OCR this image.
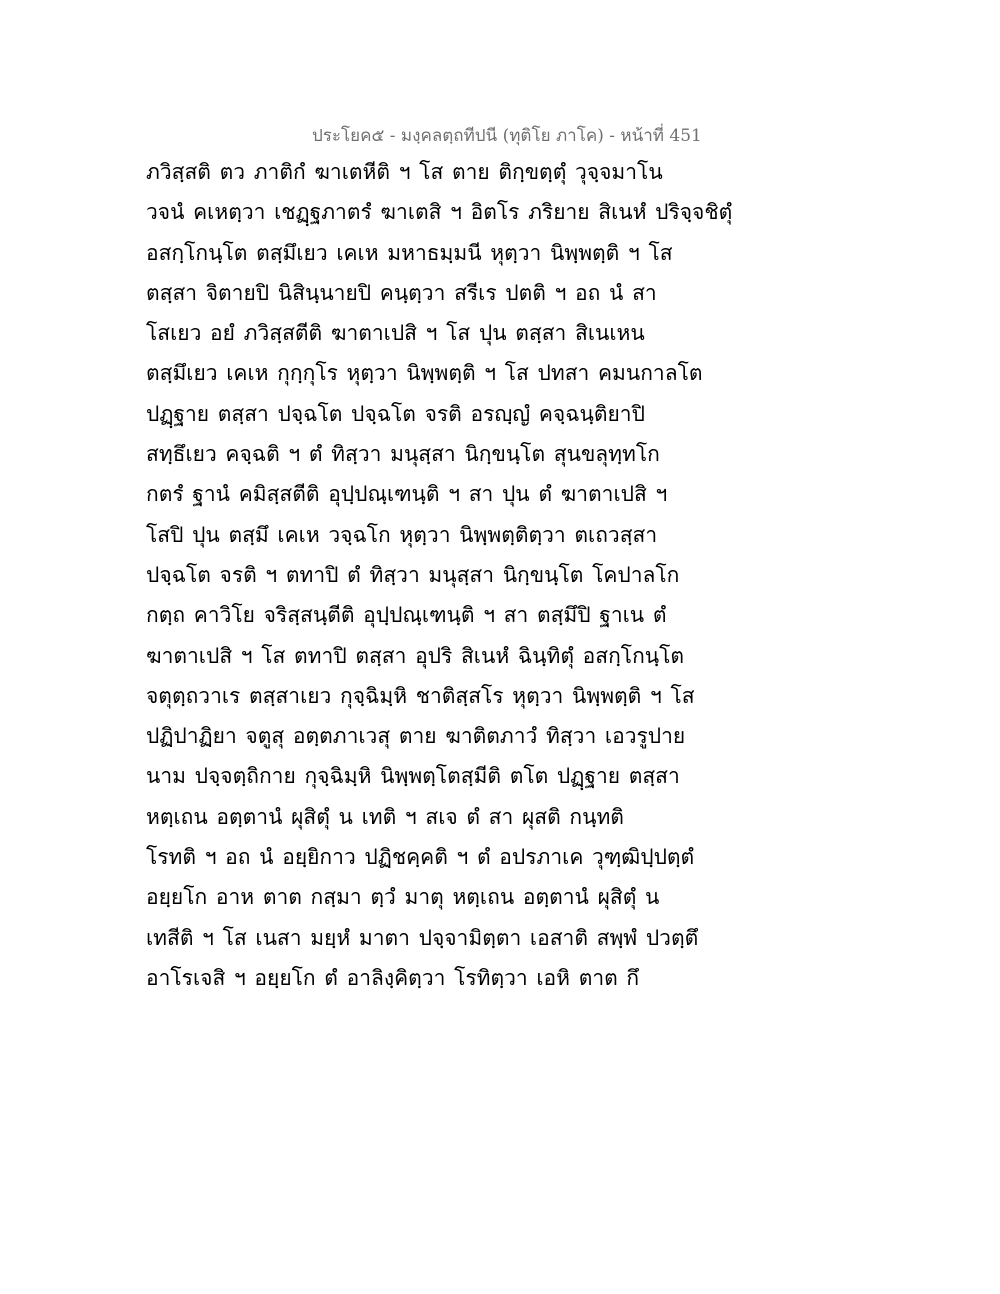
ประโยค๕ - มงฺคลตฺถทีปนี (ทุติโย ภาโค) - หน้าที่ 451
ภวิสฺสติ ตว ภาติกํ ฆาเตหีติ ฯ โส ตาย ติกฺขตฺตุํ วุจฺจมาโน
วจนํ คเหตฺวา เชฏฺฐภาตรํ ฆาเตสิ ฯ อิตโร ภริยาย สิเนหํ ปริจฺจชิตุํ
อสกฺโกนฺโต ตสฺมึเยว เคเห มหาธมฺมนี หุตฺวา นิพฺพตฺติ ฯ โส
ตสฺสา จิตายปิ นิสินฺนายปิ คนฺตฺวา สรีเร ปตติ ฯ อถ นํ สา
โสเยว อยํ ภวิสฺสตีติ ฆาตาเปสิ ฯ โส ปุน ตสฺสา สิเนเหน
ตสฺมึเยว เคเห กุกฺกุโร หุตฺวา นิพฺพตฺติ ฯ โส ปทสา คมนกาลโต
ปฏฺฐาย ตสฺสา ปจฺฉโต ปจฺฉโต จรติ อรญฺญํ คจฺฉนฺติยาปิ
สทฺธึเยว คจฺฉติ ฯ ตํ ทิสฺวา มนุสฺสา นิกฺขนฺโต สุนขลุทฺทโก
กตรํ ฐานํ คมิสฺสตีติ อุปฺปณฺเฑนฺติ ฯ สา ปุน ตํ ฆาตาเปสิ ฯ
โสปิ ปุน ตสฺมึ เคเห วจฺฉโก หุตฺวา นิพฺพตฺติตฺวา ตเถวสฺสา
ปจฺฉโต จรติ ฯ ตทาปิ ตํ ทิสฺวา มนุสฺสา นิกฺขนฺโต โคปาลโก
กตฺถ คาวิโย จริสฺสนฺตีติ อุปฺปณฺเฑนฺติ ฯ สา ตสฺมึปิ ฐาเน ตํ
ฆาตาเปสิ ฯ โส ตทาปิ ตสฺสา อุปริ สิเนหํ ฉินฺทิตุํ อสกฺโกนฺโต
จตุตฺถวาเร ตสฺสาเยว กุจฺฉิมฺหิ ชาติสฺสโร หุตฺวา นิพฺพตฺติ ฯ โส
ปฏิปาฏิยา จตูสุ อตฺตภาเวสุ ตาย ฆาติตภาวํ ทิสฺวา เอวรูปาย
นาม ปจฺจตฺถิกาย กุจฺฉิมฺหิ นิพฺพตฺโตสฺมีติ ตโต ปฏฺฐาย ตสฺสา
หตฺเถน อตฺตานํ ผุสิตุํ น เทติ ฯ สเจ ตํ สา ผุสติ กนฺทติ
โรทติ ฯ อถ นํ อยฺยิกาว ปฏิชคฺคติ ฯ ตํ อปรภาเค วุฑฺฒิปฺปตฺตํ
อยฺยโก อาห ตาต กสฺมา ตฺวํ มาตุ หตฺเถน อตฺตานํ ผุสิตุํ น
เทสีติ ฯ โส เนสา มยฺหํ มาตา ปจฺจามิตฺตา เอสาติ สพฺพํ ปวตฺตึ
อาโรเจสิ ฯ อยฺยโก ตํ อาลิงฺคิตฺวา โรทิตฺวา เอหิ ตาต กึ
